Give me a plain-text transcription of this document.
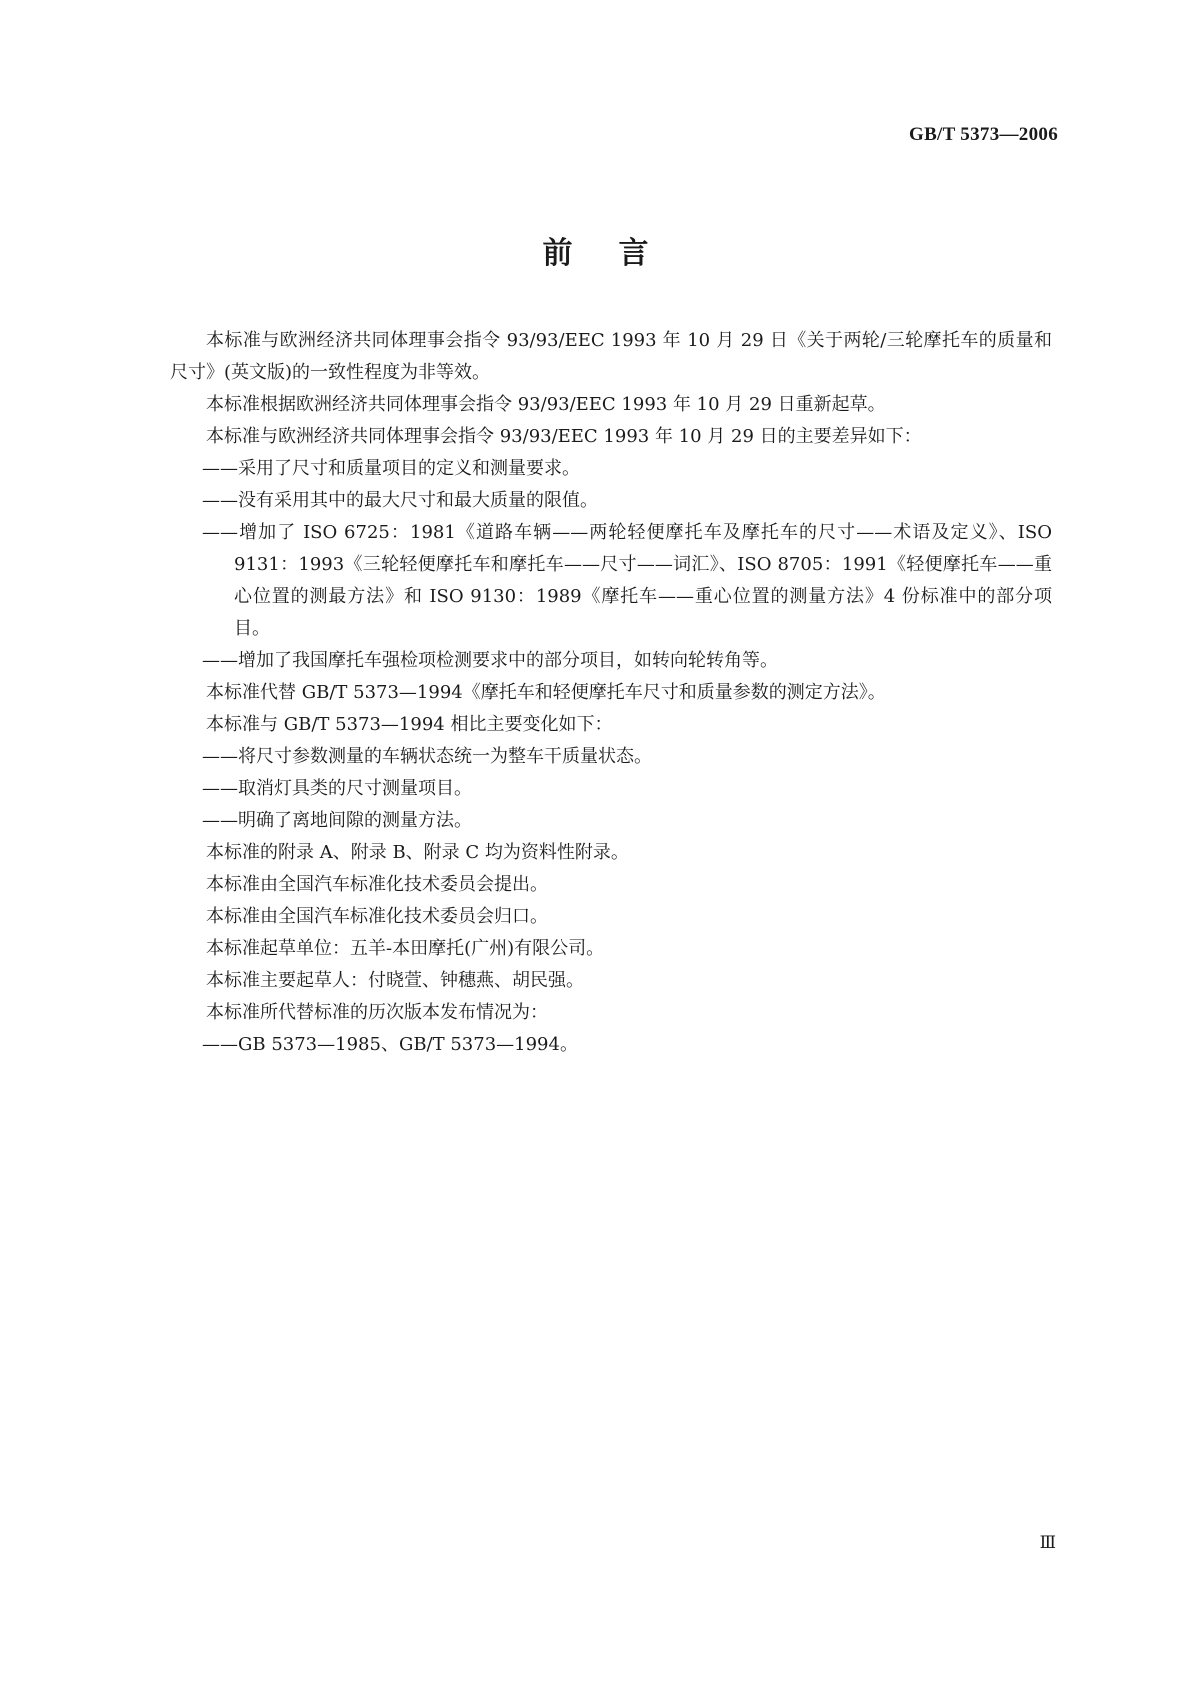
GB/T 5373—2006
前言

本标准与欧洲经济共同体理事会指令 93/93/EEC 1993 年 10 月 29 日《关于两轮/三轮摩托车的质量和尺寸》(英文版)的一致性程度为非等效。

本标准根据欧洲经济共同体理事会指令 93/93/EEC 1993 年 10 月 29 日重新起草。

本标准与欧洲经济共同体理事会指令 93/93/EEC 1993 年 10 月 29 日的主要差异如下：

——采用了尺寸和质量项目的定义和测量要求。

——没有采用其中的最大尺寸和最大质量的限值。

——增加了 ISO 6725：1981《道路车辆——两轮轻便摩托车及摩托车的尺寸——术语及定义》、ISO 9131：1993《三轮轻便摩托车和摩托车——尺寸——词汇》、ISO 8705：1991《轻便摩托车——重心位置的测最方法》和 ISO 9130：1989《摩托车——重心位置的测量方法》4 份标准中的部分项目。

——增加了我国摩托车强检项检测要求中的部分项目，如转向轮转角等。

本标准代替 GB/T 5373—1994《摩托车和轻便摩托车尺寸和质量参数的测定方法》。

本标准与 GB/T 5373—1994 相比主要变化如下：

——将尺寸参数测量的车辆状态统一为整车干质量状态。

——取消灯具类的尺寸测量项目。

——明确了离地间隙的测量方法。

本标准的附录 A、附录 B、附录 C 均为资料性附录。

本标准由全国汽车标准化技术委员会提出。

本标准由全国汽车标准化技术委员会归口。

本标准起草单位：五羊-本田摩托(广州)有限公司。

本标准主要起草人：付晓萱、钟穗燕、胡民强。

本标准所代替标准的历次版本发布情况为：

——GB 5373—1985、GB/T 5373—1994。

Ⅲ
